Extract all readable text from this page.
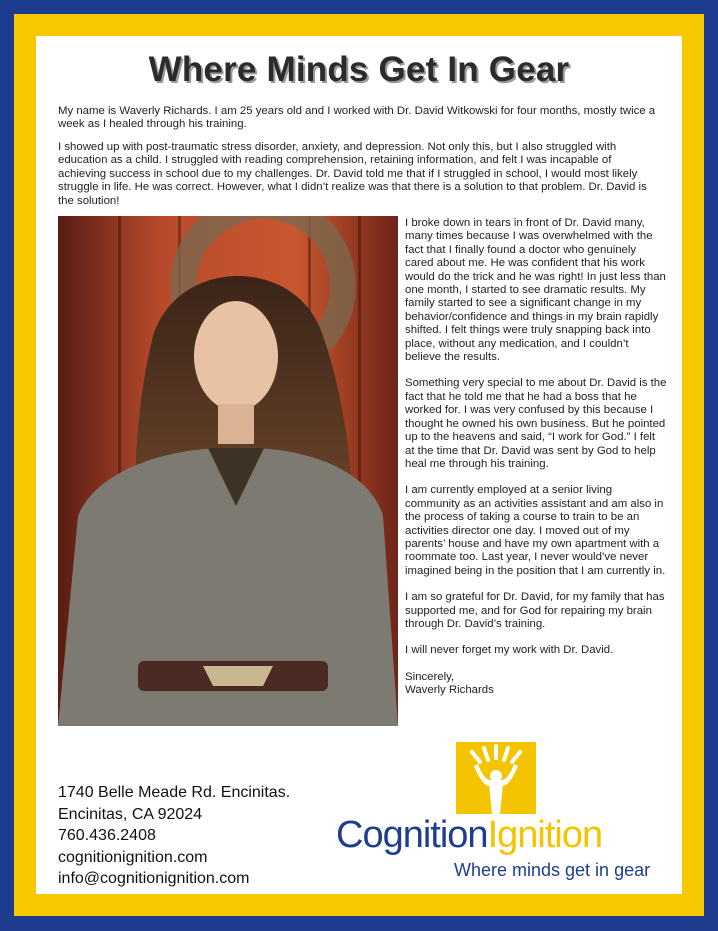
Where Minds Get In Gear

My name is Waverly Richards. I am 25 years old and I worked with Dr. David Witkowski for four months, mostly twice a week as I healed through his training.

I showed up with post-traumatic stress disorder, anxiety, and depression. Not only this, but I also struggled with education as a child. I struggled with reading comprehension, retaining information, and felt I was incapable of achieving success in school due to my challenges. Dr. David told me that if I struggled in school, I would most likely struggle in life. He was correct. However, what I didn’t realize was that there is a solution to that problem. Dr. David is the solution!

I broke down in tears in front of Dr. David many, many times because I was overwhelmed with the fact that I finally found a doctor who genuinely cared about me. He was confident that his work would do the trick and he was right! In just less than one month, I started to see dramatic results. My family started to see a significant change in my behavior/confidence and things in my brain rapidly shifted. I felt things were truly snapping back into place, without any medication, and I couldn’t believe the results.

Something very special to me about Dr. David is the fact that he told me that he had a boss that he worked for. I was very confused by this because I thought he owned his own business. But he pointed up to the heavens and said, “I work for God.” I felt at the time that Dr. David was sent by God to help heal me through his training.

I am currently employed at a senior living community as an activities assistant and am also in the process of taking a course to train to be an activities director one day. I moved out of my parents’ house and have my own apartment with a roommate too. Last year, I never would’ve never imagined being in the position that I am currently in.

I am so grateful for Dr. David, for my family that has supported me, and for God for repairing my brain through Dr. David’s training.

I will never forget my work with Dr. David.

Sincerely,

Waverly Richards

1740 Belle Meade Rd. Encinitas.
Encinitas, CA 92024
760.436.2408
cognitionignition.com
info@cognitionignition.com
CognitionIgnition
Where minds get in gear
